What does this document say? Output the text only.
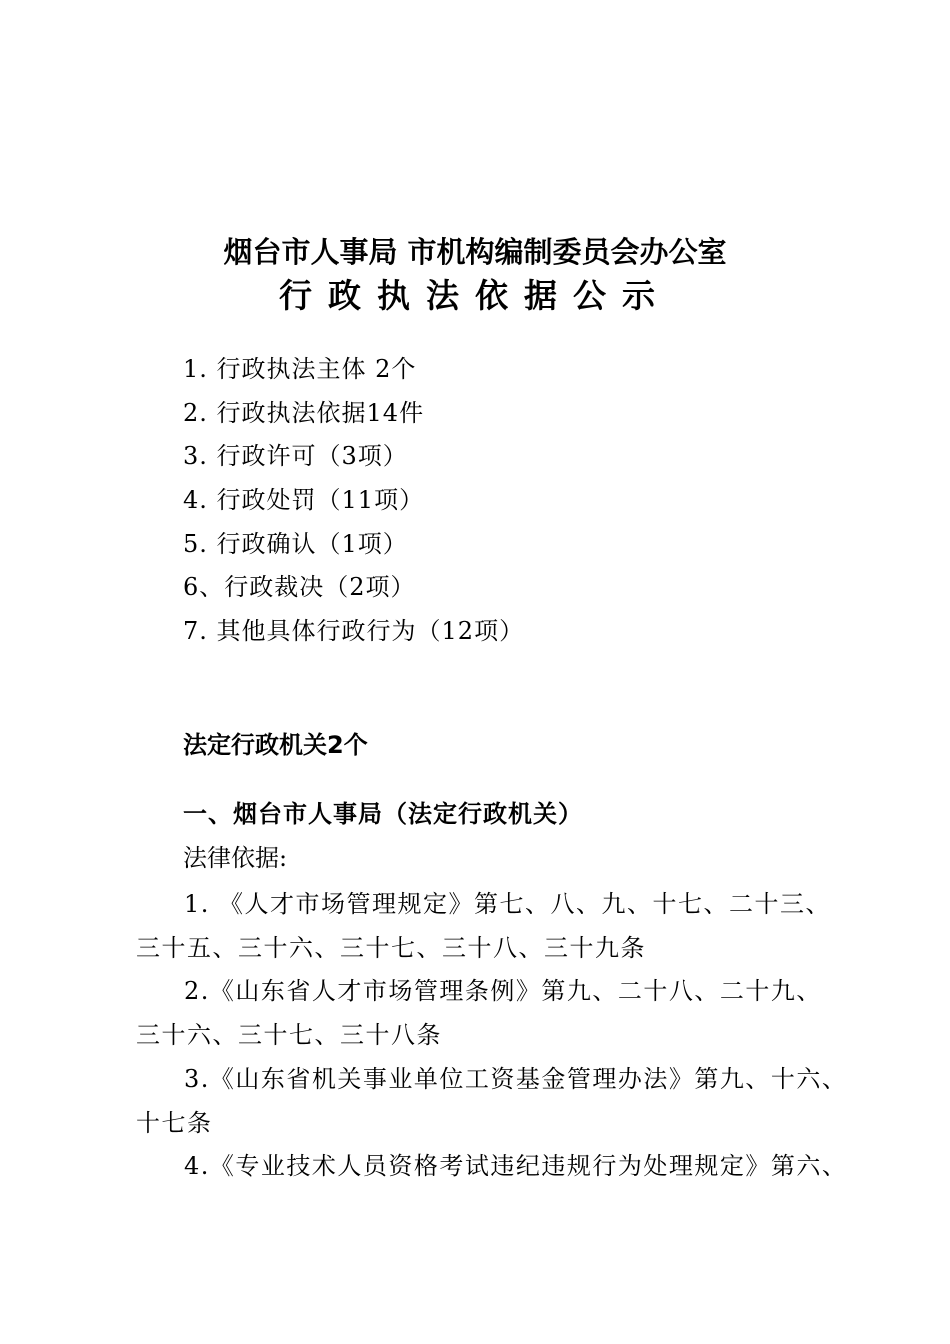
烟台市人事局 市机构编制委员会办公室
行政执法依据公示
1. 行政执法主体 2个
2. 行政执法依据14件
3. 行政许可（3项）
4. 行政处罚（11项）
5. 行政确认（1项）
6、行政裁决（2项）
7. 其他具体行政行为（12项）
法定行政机关2个
一、烟台市人事局（法定行政机关）
法律依据:
1. 《人才市场管理规定》第七、八、九、十七、二十三、
三十五、三十六、三十七、三十八、三十九条
2.《山东省人才市场管理条例》第九、二十八、二十九、
三十六、三十七、三十八条
3.《山东省机关事业单位工资基金管理办法》第九、十六、
十七条
4.《专业技术人员资格考试违纪违规行为处理规定》第六、
